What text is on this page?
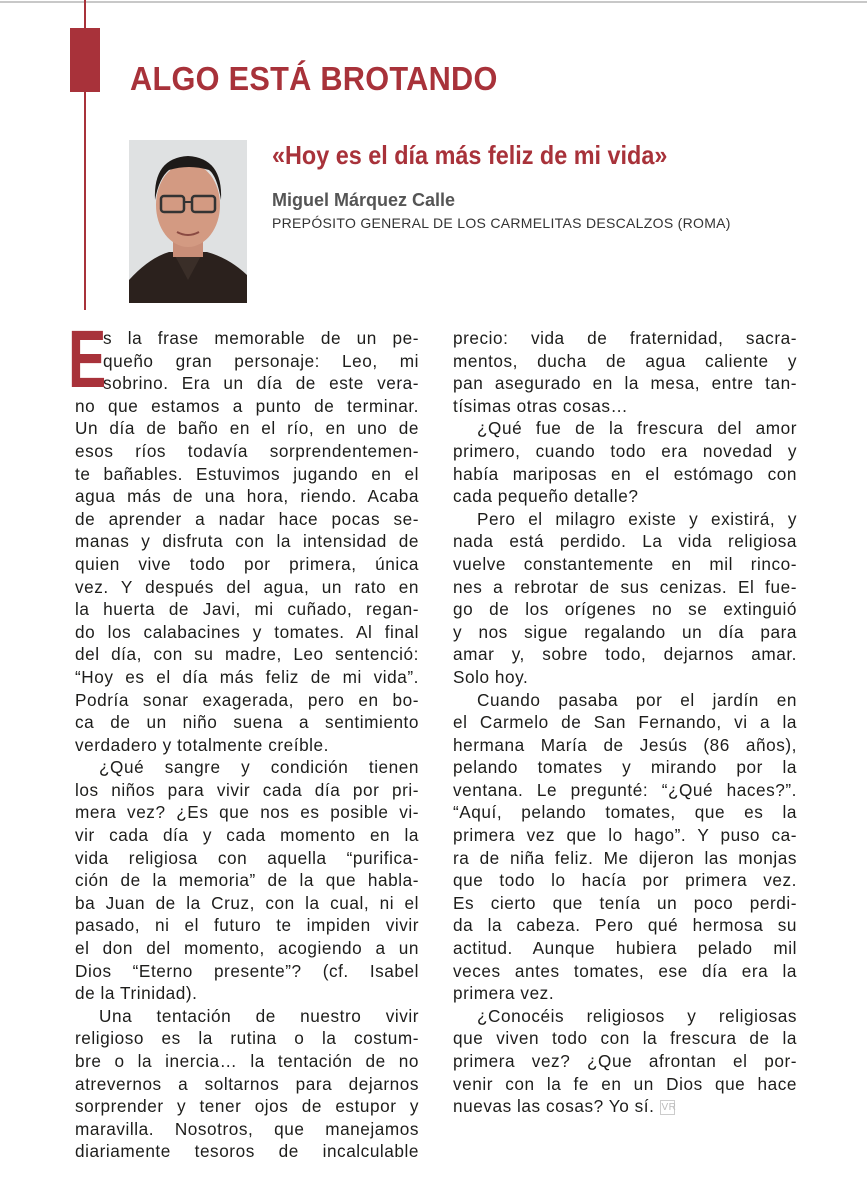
ALGO ESTÁ BROTANDO
«Hoy es el día más feliz de mi vida»
Miguel Márquez Calle
PREPÓSITO GENERAL DE LOS CARMELITAS DESCALZOS (ROMA)
E
s la frase memorable de un pe-
queño gran personaje: Leo, mi
sobrino. Era un día de este vera-
no que estamos a punto de terminar.
Un día de baño en el río, en uno de
esos ríos todavía sorprendentemen-
te bañables. Estuvimos jugando en el
agua más de una hora, riendo. Acaba
de aprender a nadar hace pocas se-
manas y disfruta con la intensidad de
quien vive todo por primera, única
vez. Y después del agua, un rato en
la huerta de Javi, mi cuñado, regan-
do los calabacines y tomates. Al final
del día, con su madre, Leo sentenció:
“Hoy es el día más feliz de mi vida”.
Podría sonar exagerada, pero en bo-
ca de un niño suena a sentimiento
verdadero y totalmente creíble.
¿Qué sangre y condición tienen
los niños para vivir cada día por pri-
mera vez? ¿Es que nos es posible vi-
vir cada día y cada momento en la
vida religiosa con aquella “purifica-
ción de la memoria” de la que habla-
ba Juan de la Cruz, con la cual, ni el
pasado, ni el futuro te impiden vivir
el don del momento, acogiendo a un
Dios “Eterno presente”? (cf. Isabel
de la Trinidad).
Una tentación de nuestro vivir
religioso es la rutina o la costum-
bre o la inercia… la tentación de no
atrevernos a soltarnos para dejarnos
sorprender y tener ojos de estupor y
maravilla. Nosotros, que manejamos
diariamente tesoros de incalculable
precio: vida de fraternidad, sacra-
mentos, ducha de agua caliente y
pan asegurado en la mesa, entre tan-
tísimas otras cosas…
¿Qué fue de la frescura del amor
primero, cuando todo era novedad y
había mariposas en el estómago con
cada pequeño detalle?
Pero el milagro existe y existirá, y
nada está perdido. La vida religiosa
vuelve constantemente en mil rinco-
nes a rebrotar de sus cenizas. El fue-
go de los orígenes no se extinguió
y nos sigue regalando un día para
amar y, sobre todo, dejarnos amar.
Solo hoy.
Cuando pasaba por el jardín en
el Carmelo de San Fernando, vi a la
hermana María de Jesús (86 años),
pelando tomates y mirando por la
ventana. Le pregunté: “¿Qué haces?”.
“Aquí, pelando tomates, que es la
primera vez que lo hago”. Y puso ca-
ra de niña feliz. Me dijeron las monjas
que todo lo hacía por primera vez.
Es cierto que tenía un poco perdi-
da la cabeza. Pero qué hermosa su
actitud. Aunque hubiera pelado mil
veces antes tomates, ese día era la
primera vez.
¿Conocéis religiosos y religiosas
que viven todo con la frescura de la
primera vez? ¿Que afrontan el por-
venir con la fe en un Dios que hace
nuevas las cosas? Yo sí. VR
